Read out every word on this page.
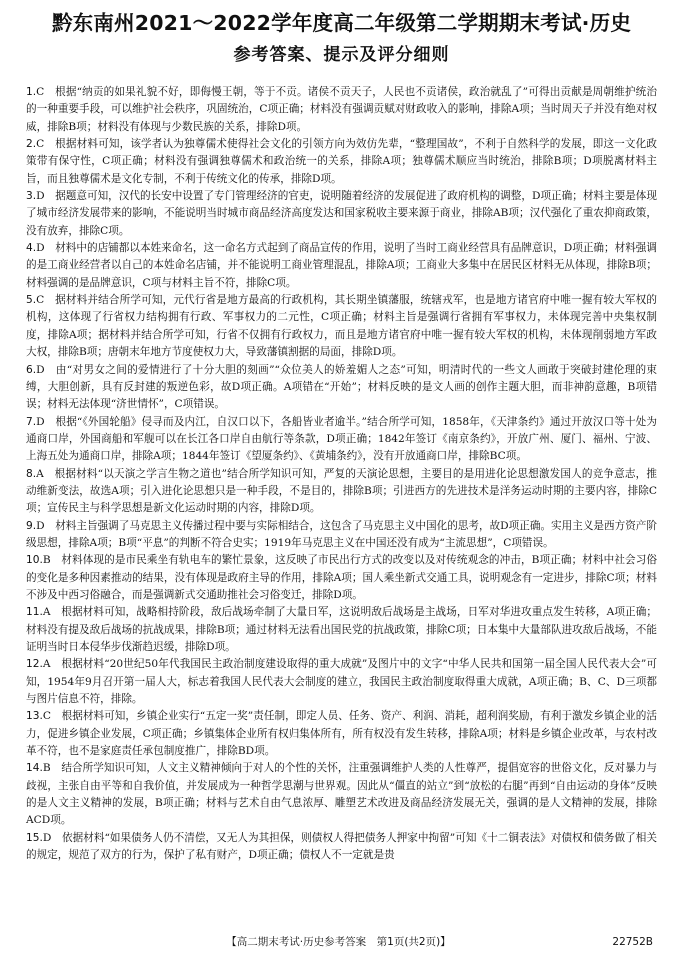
黔东南州2021～2022学年度高二年级第二学期期末考试·历史
参考答案、提示及评分细则

1.C　根据“纳贡的如果礼貌不好，即侮慢王朝，等于不贡。诸侯不贡天子，人民也不贡诸侯，政治就乱了”可得出贡献是周朝维护统治的一种重要手段，可以维护社会秩序，巩固统治，C项正确；材料没有强调贡赋对财政收入的影响，排除A项；当时周天子并没有绝对权威，排除B项；材料没有体现与少数民族的关系，排除D项。

2.C　根据材料可知，该学者认为独尊儒术使得社会文化的引领方向为效仿先辈，“整理国故”，不利于自然科学的发展，即这一文化政策带有保守性，C项正确；材料没有强调独尊儒术和政治统一的关系，排除A项；独尊儒术顺应当时统治，排除B项；D项脱离材料主旨，而且独尊儒术是文化专制，不利于传统文化的传承，排除D项。

3.D　据题意可知，汉代的长安中设置了专门管理经济的官吏，说明随着经济的发展促进了政府机构的调整，D项正确；材料主要是体现了城市经济发展带来的影响，不能说明当时城市商品经济高度发达和国家税收主要来源于商业，排除AB项；汉代强化了重农抑商政策，没有放弃，排除C项。

4.D　材料中的店铺都以本姓来命名，这一命名方式起到了商品宣传的作用，说明了当时工商业经营具有品牌意识，D项正确；材料强调的是工商业经营者以自己的本姓命名店铺，并不能说明工商业管理混乱，排除A项；工商业大多集中在居民区材料无从体现，排除B项；材料强调的是品牌意识，C项与材料主旨不符，排除C项。

5.C　据材料并结合所学可知，元代行省是地方最高的行政机构，其长期坐镇藩服，统辖戎军，也是地方诸官府中唯一握有较大军权的机构，这体现了行省权力结构拥有行政、军事权力的二元性，C项正确；材料主旨是强调行省拥有军事权力，未体现完善中央集权制度，排除A项；据材料并结合所学可知，行省不仅拥有行政权力，而且是地方诸官府中唯一握有较大军权的机构，未体现削弱地方军政大权，排除B项；唐朝末年地方节度使权力大，导致藩镇割据的局面，排除D项。

6.D　由“对男女之间的爱情进行了十分大胆的刻画”“众位美人的娇羞媚人之态”可知，明清时代的一些文人画敢于突破封建伦理的束缚，大胆创新，具有反封建的叛逆色彩，故D项正确。A项错在“开始”；材料反映的是文人画的创作主题大胆，而非神韵意趣，B项错误；材料无法体现“济世情怀”，C项错误。

7.D　根据“《外国轮船》侵寻而及内江，自汉口以下，各船皆业者逾半。”结合所学可知，1858年，《天津条约》通过开放汉口等十处为通商口岸，外国商船和军舰可以在长江各口岸自由航行等条款，D项正确；1842年签订《南京条约》，开放广州、厦门、福州、宁波、上海五处为通商口岸，排除A项；1844年签订《望厦条约》、《黄埔条约》，没有开放通商口岸，排除BC项。

8.A　根据材料“以天演之学言生物之道也”结合所学知识可知，严复的天演论思想，主要目的是用进化论思想激发国人的竞争意志，推动维新变法，故选A项；引入进化论思想只是一种手段，不是目的，排除B项；引进西方的先进技术是洋务运动时期的主要内容，排除C项；宣传民主与科学思想是新文化运动时期的内容，排除D项。

9.D　材料主旨强调了马克思主义传播过程中要与实际相结合，这包含了马克思主义中国化的思考，故D项正确。实用主义是西方资产阶级思想，排除A项；B项“平息”的判断不符合史实；1919年马克思主义在中国还没有成为“主流思想”，C项错误。

10.B　材料体现的是市民乘坐有轨电车的繁忙景象，这反映了市民出行方式的改变以及对传统观念的冲击，B项正确；材料中社会习俗的变化是多种因素推动的结果，没有体现是政府主导的作用，排除A项；国人乘坐新式交通工具，说明观念有一定进步，排除C项；材料不涉及中西习俗融合，而是强调新式交通助推社会习俗变迁，排除D项。

11.A　根据材料可知，战略相持阶段，敌后战场牵制了大量日军，这说明敌后战场是主战场，日军对华进攻重点发生转移，A项正确；材料没有提及敌后战场的抗战成果，排除B项；通过材料无法看出国民党的抗战政策，排除C项；日本集中大量部队进攻敌后战场，不能证明当时日本侵华步伐渐趋迟缓，排除D项。

12.A　根据材料“20世纪50年代我国民主政治制度建设取得的重大成就”及图片中的文字“中华人民共和国第一届全国人民代表大会”可知，1954年9月召开第一届人大，标志着我国人民代表大会制度的建立，我国民主政治制度取得重大成就，A项正确；B、C、D三项都与图片信息不符，排除。

13.C　根据材料可知，乡镇企业实行“五定一奖”责任制，即定人员、任务、资产、利润、消耗，超利润奖励，有利于激发乡镇企业的活力，促进乡镇企业发展，C项正确；乡镇集体企业所有权归集体所有，所有权没有发生转移，排除A项；材料是乡镇企业改革，与农村改革不符，也不是家庭责任承包制度推广，排除BD项。

14.B　结合所学知识可知，人文主义精神倾向于对人的个性的关怀，注重强调维护人类的人性尊严，提倡宽容的世俗文化，反对暴力与歧视，主张自由平等和自我价值，并发展成为一种哲学思潮与世界观。因此从“僵直的站立”到“放松的右腿”再到“自由运动的身体”反映的是人文主义精神的发展，B项正确；材料与艺术自由气息浓厚、雕塑艺术改进及商品经济发展无关，强调的是人文精神的发展，排除ACD项。

15.D　依据材料“如果债务人仍不清偿，又无人为其担保，则债权人得把债务人押家中拘留”可知《十二铜表法》对债权和债务做了相关的规定，规范了双方的行为，保护了私有财产，D项正确；债权人不一定就是贵

【高二期末考试·历史参考答案　第1页(共2页)】	22752B
